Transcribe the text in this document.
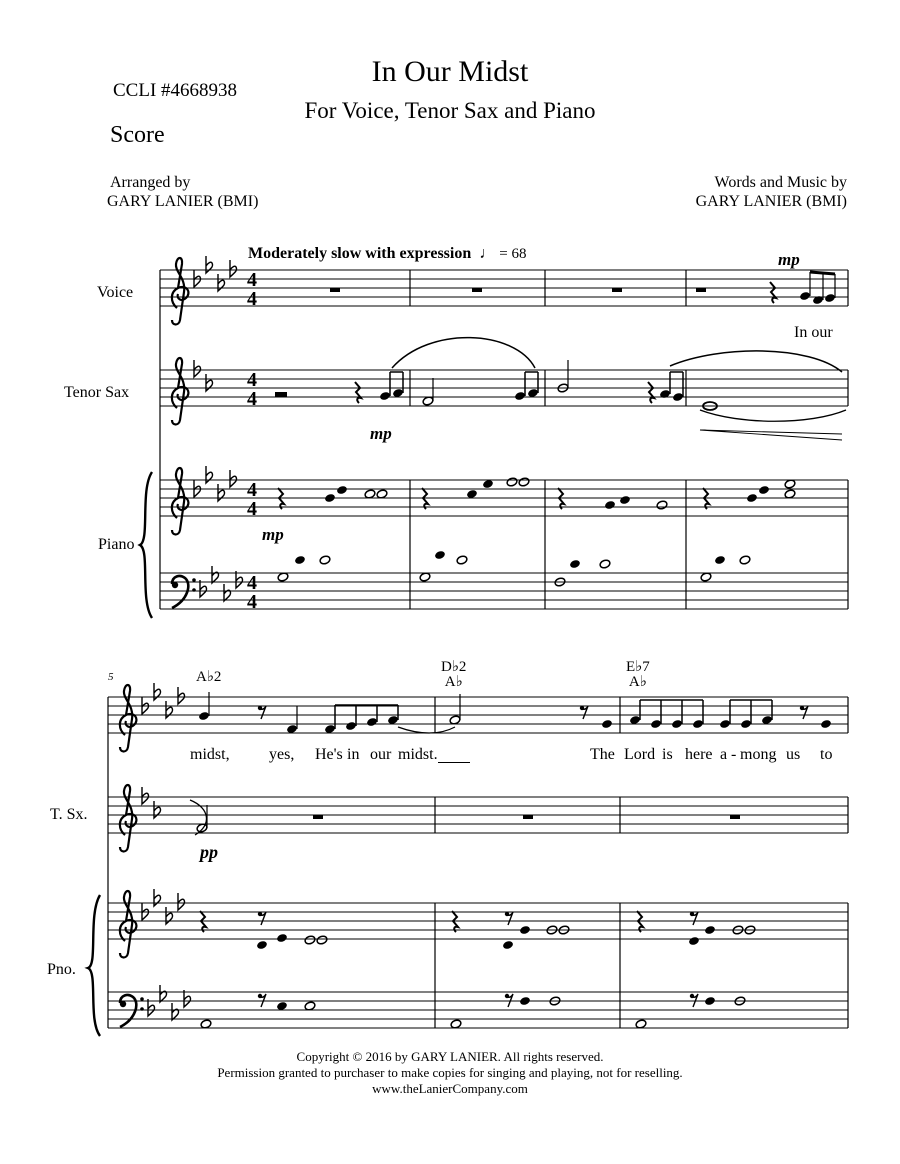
In Our Midst
For Voice, Tenor Sax and Piano
CCLI #4668938
Score
Arranged by
GARY LANIER (BMI)
Words and Music by
GARY LANIER (BMI)
4
4
4
4
4
4
4
4
Moderately slow with expression ♩ = 68
Voice
Tenor Sax
Piano
mp
mp
mp
In our
5	A♭2
D♭2
A♭
E♭7
A♭
T. Sx.
Pno.
pp
midst, yes, He's in our midst.	The Lord is here a - mong us to
Copyright © 2016 by GARY LANIER. All rights reserved.
Permission granted to purchaser to make copies for singing and playing, not for reselling.
www.theLanierCompany.com
